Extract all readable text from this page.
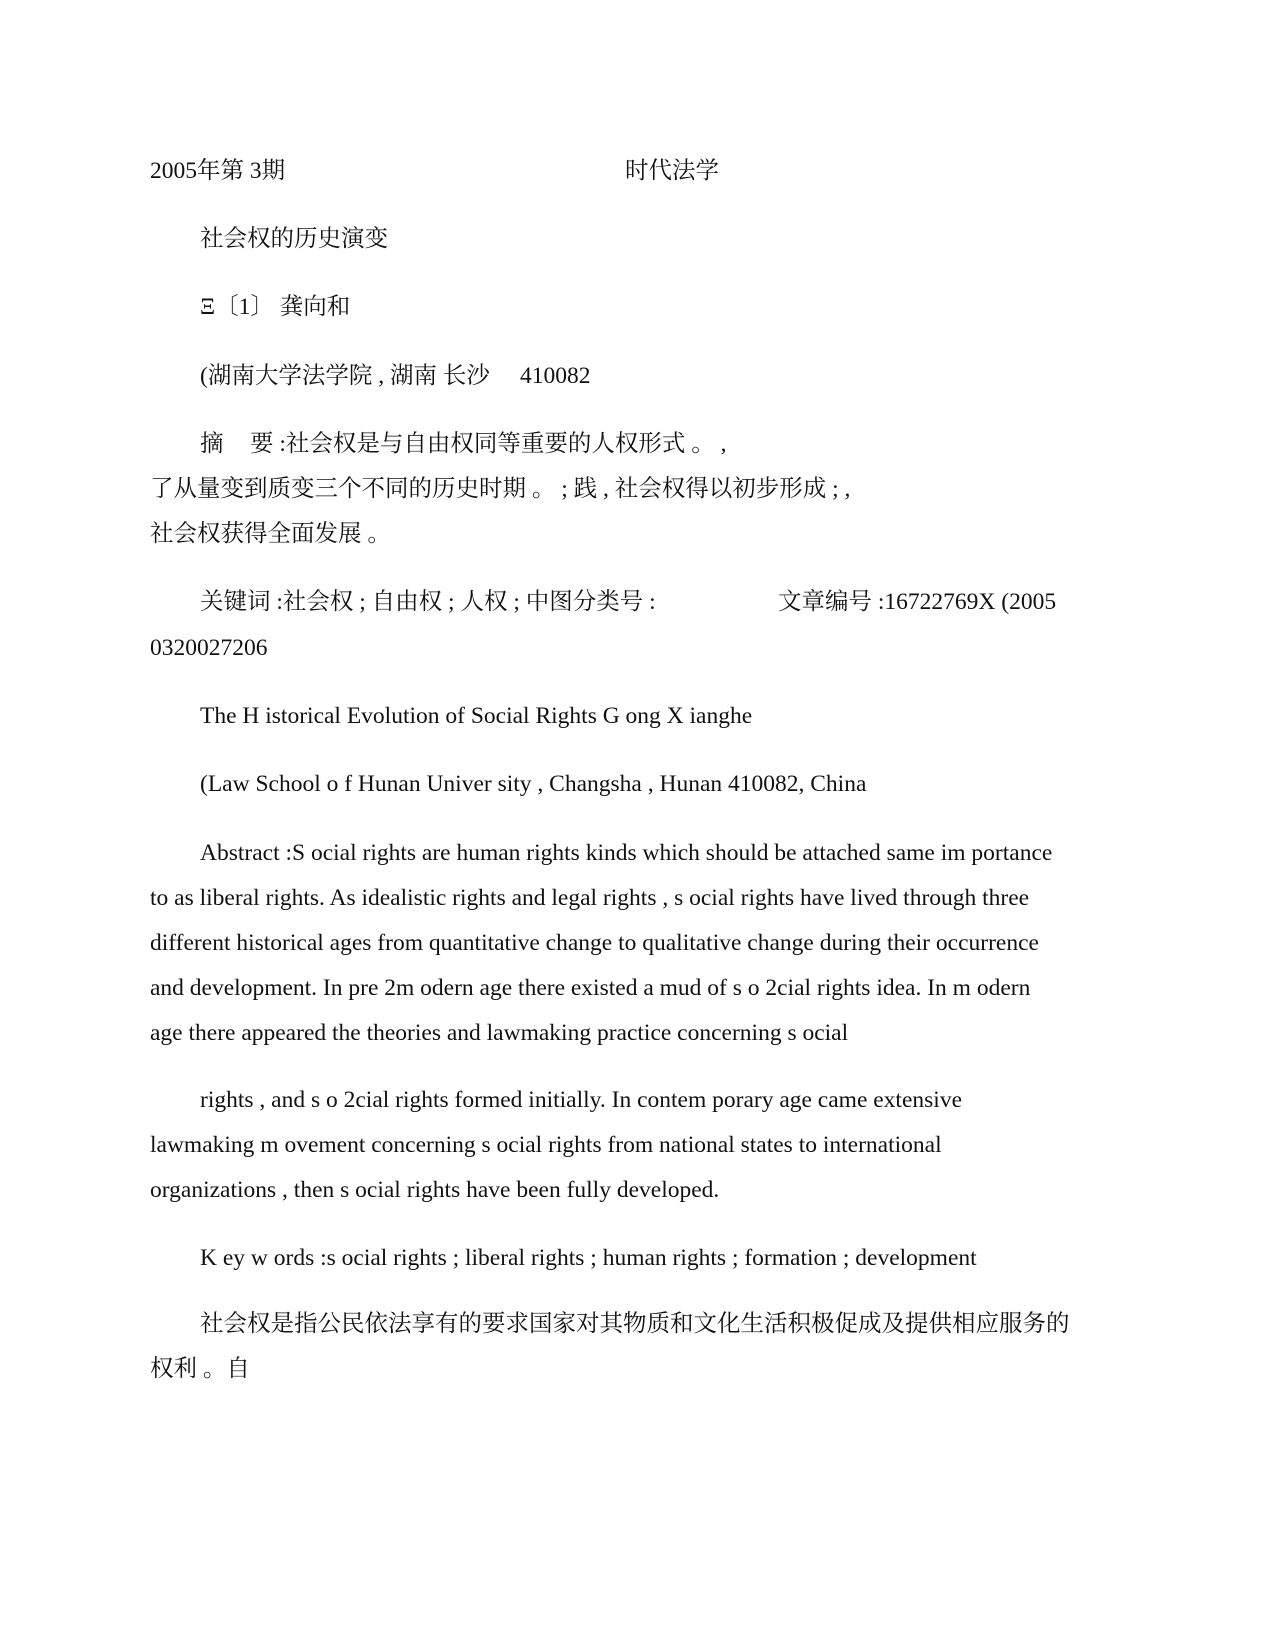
2005年第 3期	时代法学
社会权的历史演变
Ξ〔1〕 龚向和
(湖南大学法学院 , 湖南 长沙 410082
摘 要 :社会权是与自由权同等重要的人权形式 。 ,
了从量变到质变三个不同的历史时期 。 ; 践 , 社会权得以初步形成 ; ,
社会权获得全面发展 。
关键词 :社会权 ; 自由权 ; 人权 ; 中图分类号 :	文章编号 :16722769X (2005
0320027206
The H istorical Evolution of Social Rights G ong X ianghe
(Law School o f Hunan Univer sity , Changsha , Hunan 410082, China
Abstract :S ocial rights are human rights kinds which should be attached same im portance
to as liberal rights. As idealistic rights and legal rights , s ocial rights have lived through three
different historical ages from quantitative change to qualitative change during their occurrence
and development. In pre 2m odern age there existed a mud of s o 2cial rights idea. In m odern
age there appeared the theories and lawmaking practice concerning s ocial
rights , and s o 2cial rights formed initially. In contem porary age came extensive
lawmaking m ovement concerning s ocial rights from national states to international
organizations , then s ocial rights have been fully developed.
K ey w ords :s ocial rights ; liberal rights ; human rights ; formation ; development
社会权是指公民依法享有的要求国家对其物质和文化生活积极促成及提供相应服务的
权利 。自
